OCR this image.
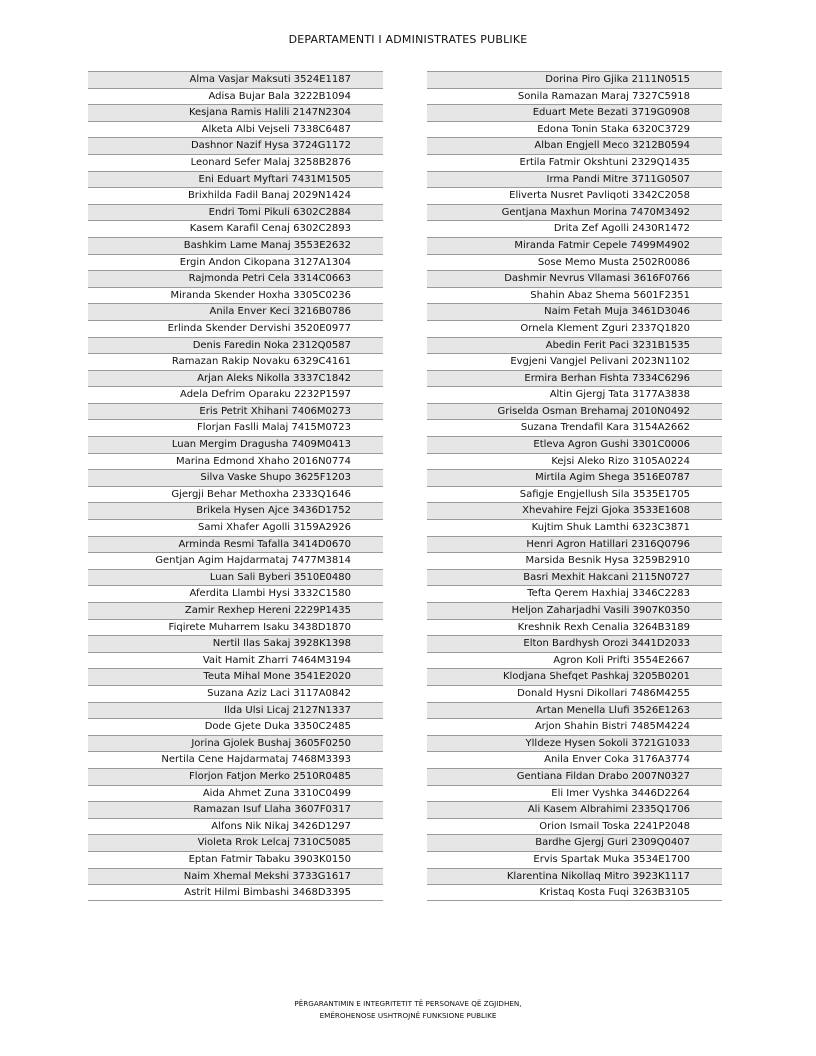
DEPARTAMENTI I ADMINISTRATES PUBLIKE
Alma Vasjar Maksuti 3524E1187
Adisa Bujar Bala 3222B1094
Kesjana Ramis Halili 2147N2304
Alketa Albi Vejseli 7338C6487
Dashnor Nazif Hysa 3724G1172
Leonard Sefer Malaj 3258B2876
Eni Eduart Myftari 7431M1505
Brixhilda Fadil Banaj 2029N1424
Endri Tomi Pikuli 6302C2884
Kasem Karafil Cenaj 6302C2893
Bashkim Lame Manaj 3553E2632
Ergin Andon Cikopana 3127A1304
Rajmonda Petri Cela 3314C0663
Miranda Skender Hoxha 3305C0236
Anila Enver Keci 3216B0786
Erlinda Skender Dervishi 3520E0977
Denis Faredin Noka 2312Q0587
Ramazan Rakip Novaku 6329C4161
Arjan Aleks Nikolla 3337C1842
Adela Defrim Oparaku 2232P1597
Eris Petrit Xhihani 7406M0273
Florjan Faslli Malaj 7415M0723
Luan Mergim Dragusha 7409M0413
Marina Edmond Xhaho 2016N0774
Silva Vaske Shupo 3625F1203
Gjergji Behar Methoxha 2333Q1646
Brikela Hysen Ajce 3436D1752
Sami Xhafer Agolli 3159A2926
Arminda Resmi Tafalla 3414D0670
Gentjan Agim Hajdarmataj 7477M3814
Luan Sali Byberi 3510E0480
Aferdita Llambi Hysi 3332C1580
Zamir Rexhep Hereni 2229P1435
Fiqirete Muharrem Isaku 3438D1870
Nertil Ilas Sakaj 3928K1398
Vait Hamit Zharri 7464M3194
Teuta Mihal Mone 3541E2020
Suzana Aziz Laci 3117A0842
Ilda Ulsi Licaj 2127N1337
Dode Gjete Duka 3350C2485
Jorina Gjolek Bushaj 3605F0250
Nertila Cene Hajdarmataj 7468M3393
Florjon Fatjon Merko 2510R0485
Aida Ahmet Zuna 3310C0499
Ramazan Isuf Llaha 3607F0317
Alfons Nik Nikaj 3426D1297
Violeta Rrok Lelcaj 7310C5085
Eptan Fatmir Tabaku 3903K0150
Naim Xhemal Mekshi 3733G1617
Astrit Hilmi Bimbashi 3468D3395
Dorina Piro Gjika 2111N0515
Sonila Ramazan Maraj 7327C5918
Eduart Mete Bezati 3719G0908
Edona Tonin Staka 6320C3729
Alban Engjell Meco 3212B0594
Ertila Fatmir Okshtuni 2329Q1435
Irma Pandi Mitre 3711G0507
Eliverta Nusret Pavliqoti 3342C2058
Gentjana Maxhun Morina 7470M3492
Drita Zef Agolli 2430R1472
Miranda Fatmir Cepele 7499M4902
Sose Memo Musta 2502R0086
Dashmir Nevrus Vllamasi 3616F0766
Shahin Abaz Shema 5601F2351
Naim Fetah Muja 3461D3046
Ornela Klement Zguri 2337Q1820
Abedin Ferit Paci 3231B1535
Evgjeni Vangjel Pelivani 2023N1102
Ermira Berhan Fishta 7334C6296
Altin Gjergj Tata 3177A3838
Griselda Osman Brehamaj 2010N0492
Suzana Trendafil Kara 3154A2662
Etleva Agron Gushi 3301C0006
Kejsi Aleko Rizo 3105A0224
Mirtila Agim Shega 3516E0787
Safigje Engjellush Sila 3535E1705
Xhevahire Fejzi Gjoka 3533E1608
Kujtim Shuk Lamthi 6323C3871
Henri Agron Hatillari 2316Q0796
Marsida Besnik Hysa 3259B2910
Basri Mexhit Hakcani 2115N0727
Tefta Qerem Haxhiaj 3346C2283
Heljon Zaharjadhi Vasili 3907K0350
Kreshnik Rexh Cenalia 3264B3189
Elton Bardhysh Orozi 3441D2033
Agron Koli Prifti 3554E2667
Klodjana Shefqet Pashkaj 3205B0201
Donald Hysni Dikollari 7486M4255
Artan Menella Llufi 3526E1263
Arjon Shahin Bistri 7485M4224
Ylldeze Hysen Sokoli 3721G1033
Anila Enver Coka 3176A3774
Gentiana Fildan Drabo 2007N0327
Eli Imer Vyshka 3446D2264
Ali Kasem Albrahimi 2335Q1706
Orion Ismail Toska 2241P2048
Bardhe Gjergj Guri 2309Q0407
Ervis Spartak Muka 3534E1700
Klarentina Nikollaq Mitro 3923K1117
Kristaq Kosta Fuqi 3263B3105
PËRGARANTIMIN E INTEGRITETIT TË PERSONAVE QË ZGJIDHEN,
EMËROHENOSE USHTROJNË FUNKSIONE PUBLIKE
